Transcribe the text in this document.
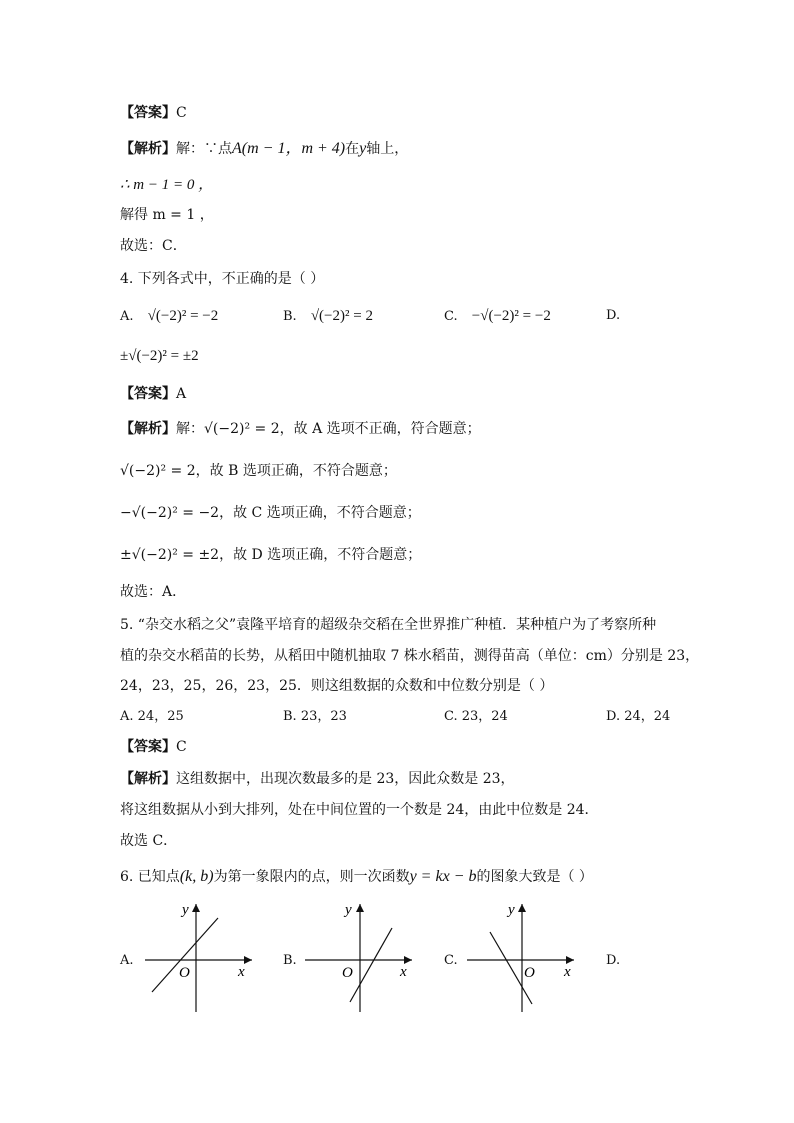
【答案】C
【解析】解：∵点A(m − 1，m + 4)在y轴上，
∴ m − 1 = 0 ，
解得 m = 1 ，
故选：C．
4. 下列各式中，不正确的是（ ）
A. √(−2)² = −2	B. √(−2)² = 2	C. −√(−2)² = −2	D.
±√(−2)² = ±2
【答案】A
【解析】解：√(−2)² = 2，故 A 选项不正确，符合题意；
√(−2)² = 2，故 B 选项正确，不符合题意；
−√(−2)² = −2，故 C 选项正确，不符合题意；
±√(−2)² = ±2，故 D 选项正确，不符合题意；
故选：A．
5. “杂交水稻之父”袁隆平培育的超级杂交稻在全世界推广种植．某种植户为了考察所种
植的杂交水稻苗的长势，从稻田中随机抽取 7 株水稻苗，测得苗高（单位：cm）分别是 23，
24，23，25，26，23，25．则这组数据的众数和中位数分别是（ ）
A. 24，25	B. 23，23	C. 23，24	D. 24，24
【答案】C
【解析】这组数据中，出现次数最多的是 23，因此众数是 23，
将这组数据从小到大排列，处在中间位置的一个数是 24，由此中位数是 24．
故选 C．
6. 已知点(k, b)为第一象限内的点，则一次函数y = kx − b的图象大致是（ ）
A.	B.	C.	D.
x
y
O	x
y
O	x
y
O
